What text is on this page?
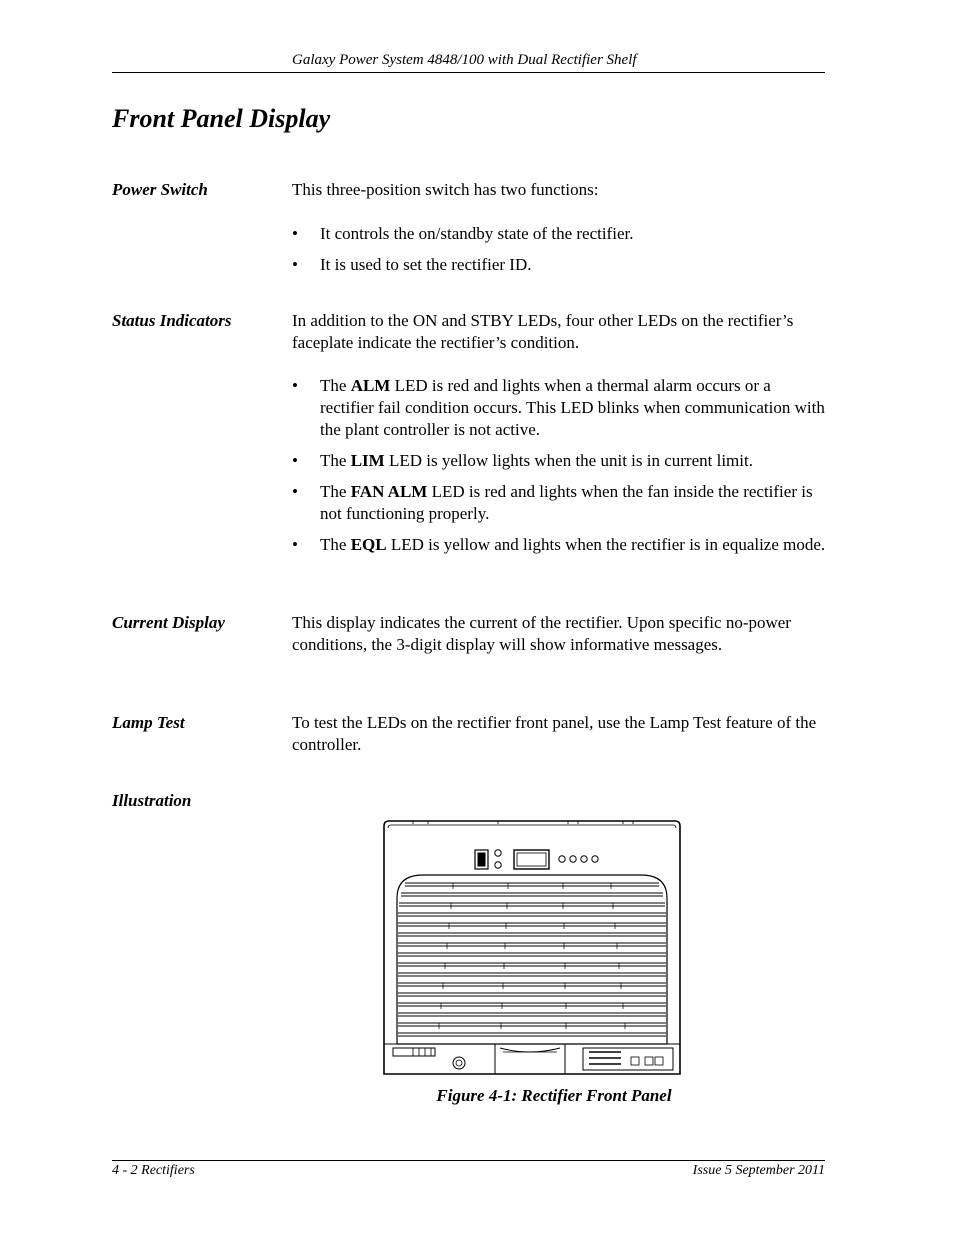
Galaxy Power System 4848/100 with Dual Rectifier Shelf
Front Panel Display
Power Switch	This three-position switch has two functions:

• It controls the on/standby state of the rectifier.
• It is used to set the rectifier ID.
Status Indicators	In addition to the ON and STBY LEDs, four other LEDs on the rectifier’s faceplate indicate the rectifier’s condition.

• The ALM LED is red and lights when a thermal alarm occurs or a rectifier fail condition occurs. This LED blinks when communication with the plant controller is not active.
• The LIM LED is yellow lights when the unit is in current limit.
• The FAN ALM LED is red and lights when the fan inside the rectifier is not functioning properly.
• The EQL LED is yellow and lights when the rectifier is in equalize mode.
Current Display	This display indicates the current of the rectifier. Upon specific no-power conditions, the 3-digit display will show informative messages.

Lamp Test	To test the LEDs on the rectifier front panel, use the Lamp Test feature of the controller.

Illustration
Figure 4-1: Rectifier Front Panel
4 - 2 Rectifiers	Issue 5 September 2011
